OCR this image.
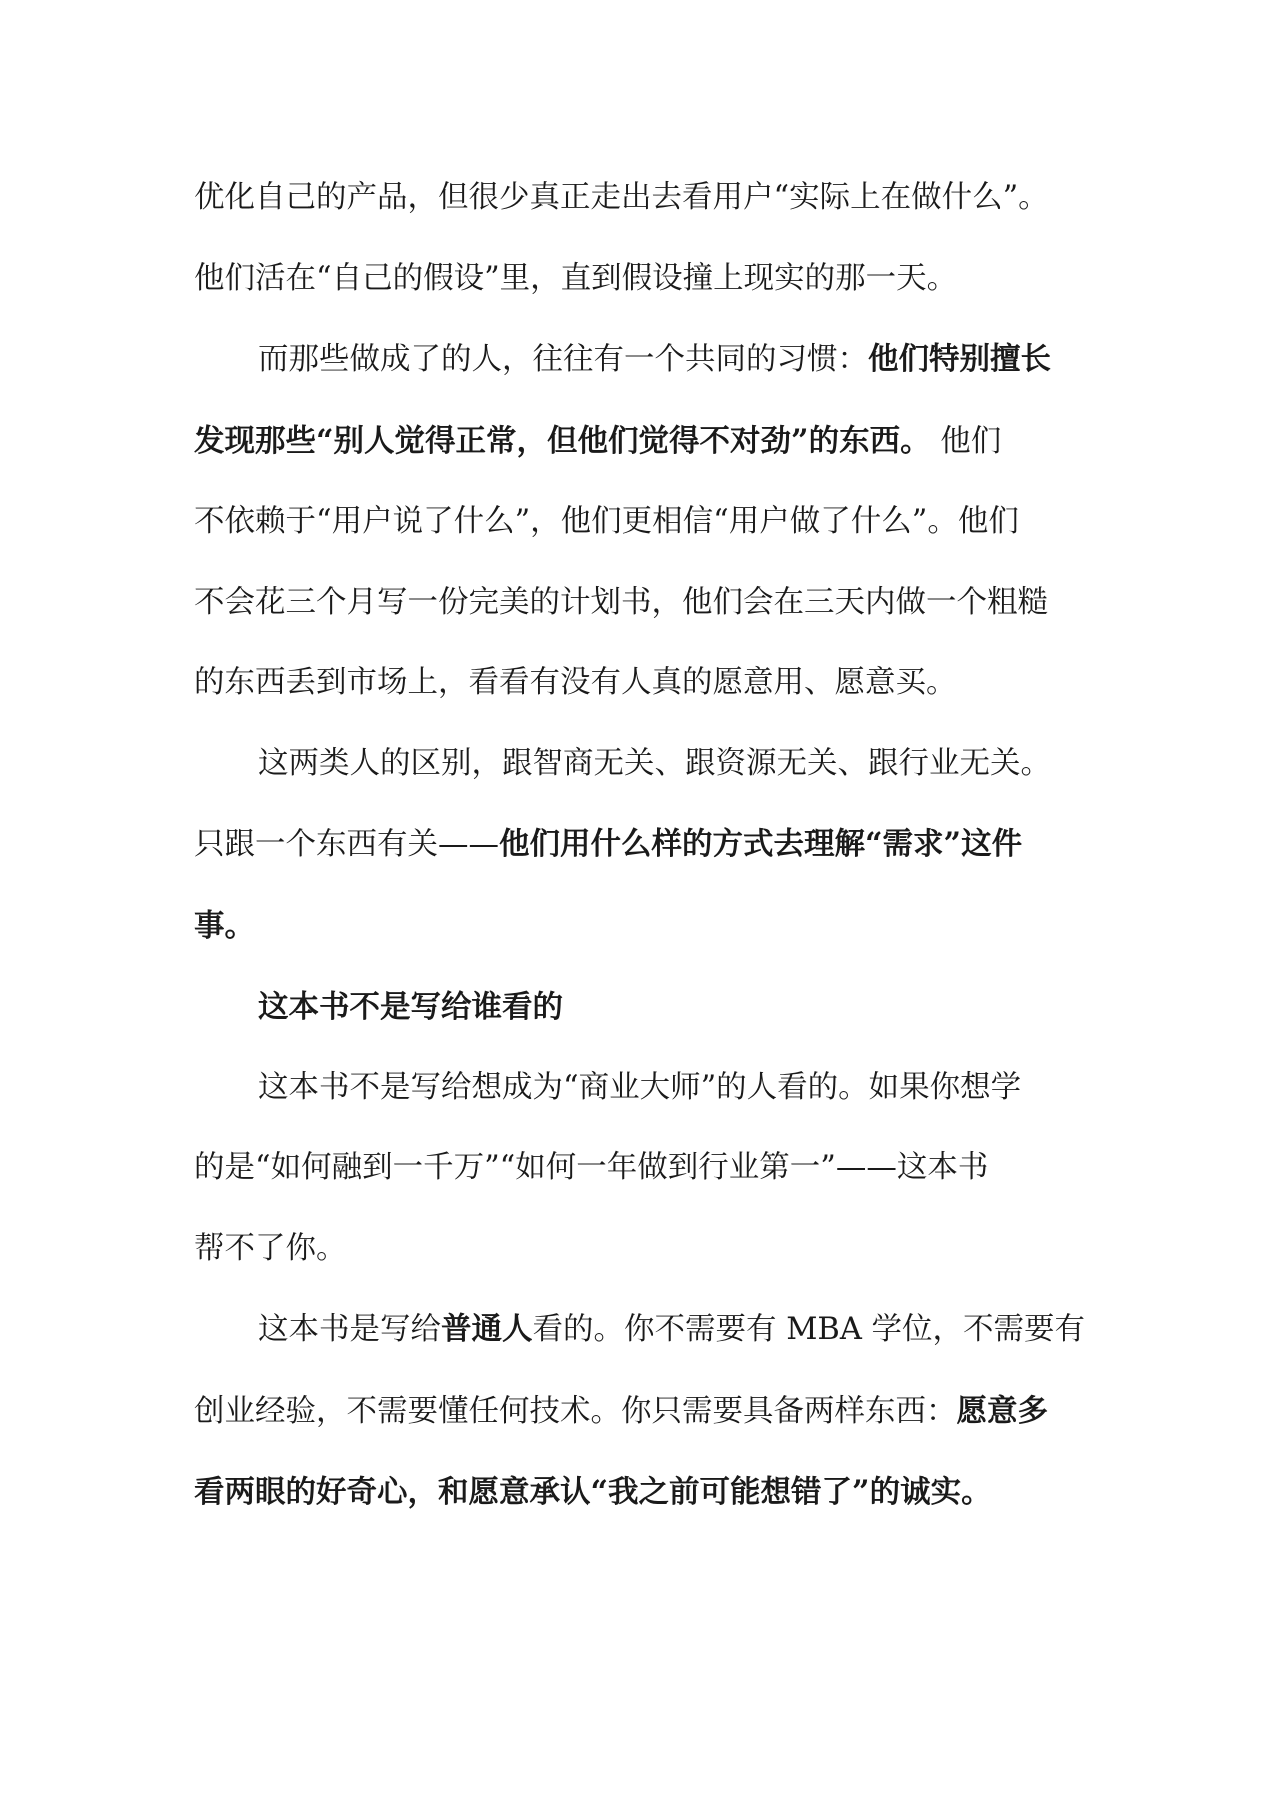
优化自己的产品，但很少真正走出去看用户“实际上在做什么”。

他们活在“自己的假设”里，直到假设撞上现实的那一天。

而那些做成了的人，往往有一个共同的习惯：他们特别擅长

发现那些“别人觉得正常，但他们觉得不对劲”的东西。 他们

不依赖于“用户说了什么”，他们更相信“用户做了什么”。他们

不会花三个月写一份完美的计划书，他们会在三天内做一个粗糙

的东西丢到市场上，看看有没有人真的愿意用、愿意买。

这两类人的区别，跟智商无关、跟资源无关、跟行业无关。

只跟一个东西有关——他们用什么样的方式去理解“需求”这件

事。

这本书不是写给谁看的

这本书不是写给想成为“商业大师”的人看的。如果你想学

的是“如何融到一千万”“如何一年做到行业第一”——这本书

帮不了你。

这本书是写给普通人看的。你不需要有 MBA 学位，不需要有

创业经验，不需要懂任何技术。你只需要具备两样东西：愿意多

看两眼的好奇心，和愿意承认“我之前可能想错了”的诚实。
